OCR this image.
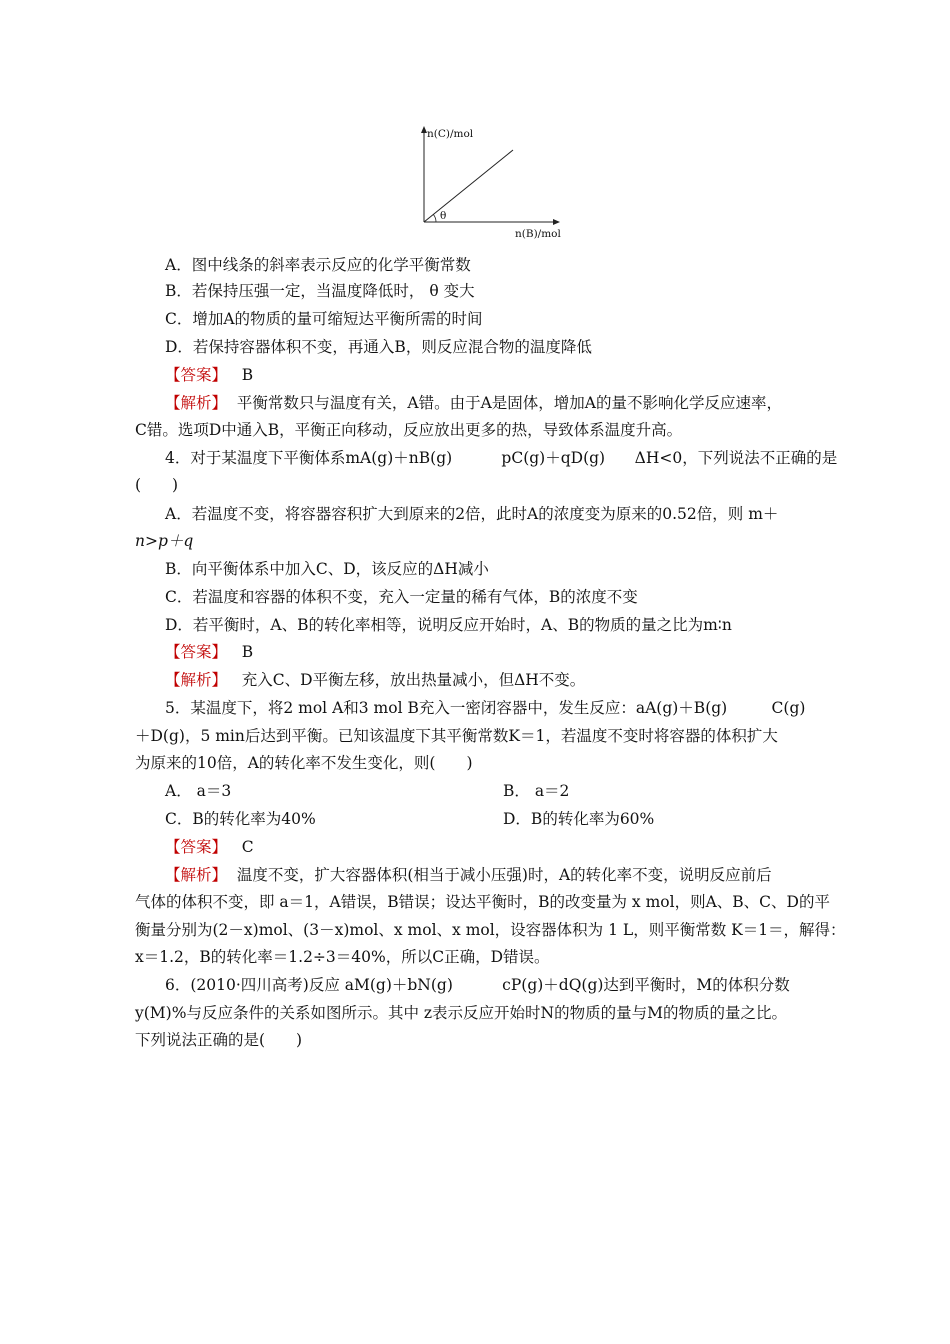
n(C)/mol
n(B)/mol
θ
A．图中线条的斜率表示反应的化学平衡常数
B．若保持压强一定，当温度降低时， θ 变大
C．增加A的物质的量可缩短达平衡所需的时间
D．若保持容器体积不变，再通入B，则反应混合物的温度降低
【答案】 B
【解析】 平衡常数只与温度有关，A错。由于A是固体，增加A的量不影响化学反应速率，
C错。选项D中通入B，平衡正向移动，反应放出更多的热，导致体系温度升高。
4．对于某温度下平衡体系mA(g)＋nB(g)          pC(g)＋qD(g)      ΔH<0，下列说法不正确的是
(　　)
A．若温度不变，将容器容积扩大到原来的2倍，此时A的浓度变为原来的0.52倍，则 m＋
n>p＋q
B．向平衡体系中加入C、D，该反应的ΔH减小
C．若温度和容器的体积不变，充入一定量的稀有气体，B的浓度不变
D．若平衡时，A、B的转化率相等，说明反应开始时，A、B的物质的量之比为m∶n
【答案】 B
【解析】 充入C、D平衡左移，放出热量减小，但ΔH不变。
5．某温度下，将2 mol A和3 mol B充入一密闭容器中，发生反应：aA(g)＋B(g)         C(g)
＋D(g)，5 min后达到平衡。已知该温度下其平衡常数K＝1，若温度不变时将容器的体积扩大
为原来的10倍，A的转化率不发生变化，则(　　)
A． a＝3	B． a＝2
C．B的转化率为40%	D．B的转化率为60%
【答案】 C
【解析】 温度不变，扩大容器体积(相当于减小压强)时，A的转化率不变，说明反应前后
气体的体积不变，即 a＝1，A错误，B错误；设达平衡时，B的改变量为 x mol，则A、B、C、D的平
衡量分别为(2－x)mol、(3－x)mol、x mol、x mol，设容器体积为 1 L，则平衡常数 K＝1＝，解得：
x＝1.2，B的转化率＝1.2÷3＝40%，所以C正确，D错误。
6．(2010·四川高考)反应 aM(g)＋bN(g)          cP(g)＋dQ(g)达到平衡时，M的体积分数
y(M)%与反应条件的关系如图所示。其中 z表示反应开始时N的物质的量与M的物质的量之比。
下列说法正确的是(　　)
